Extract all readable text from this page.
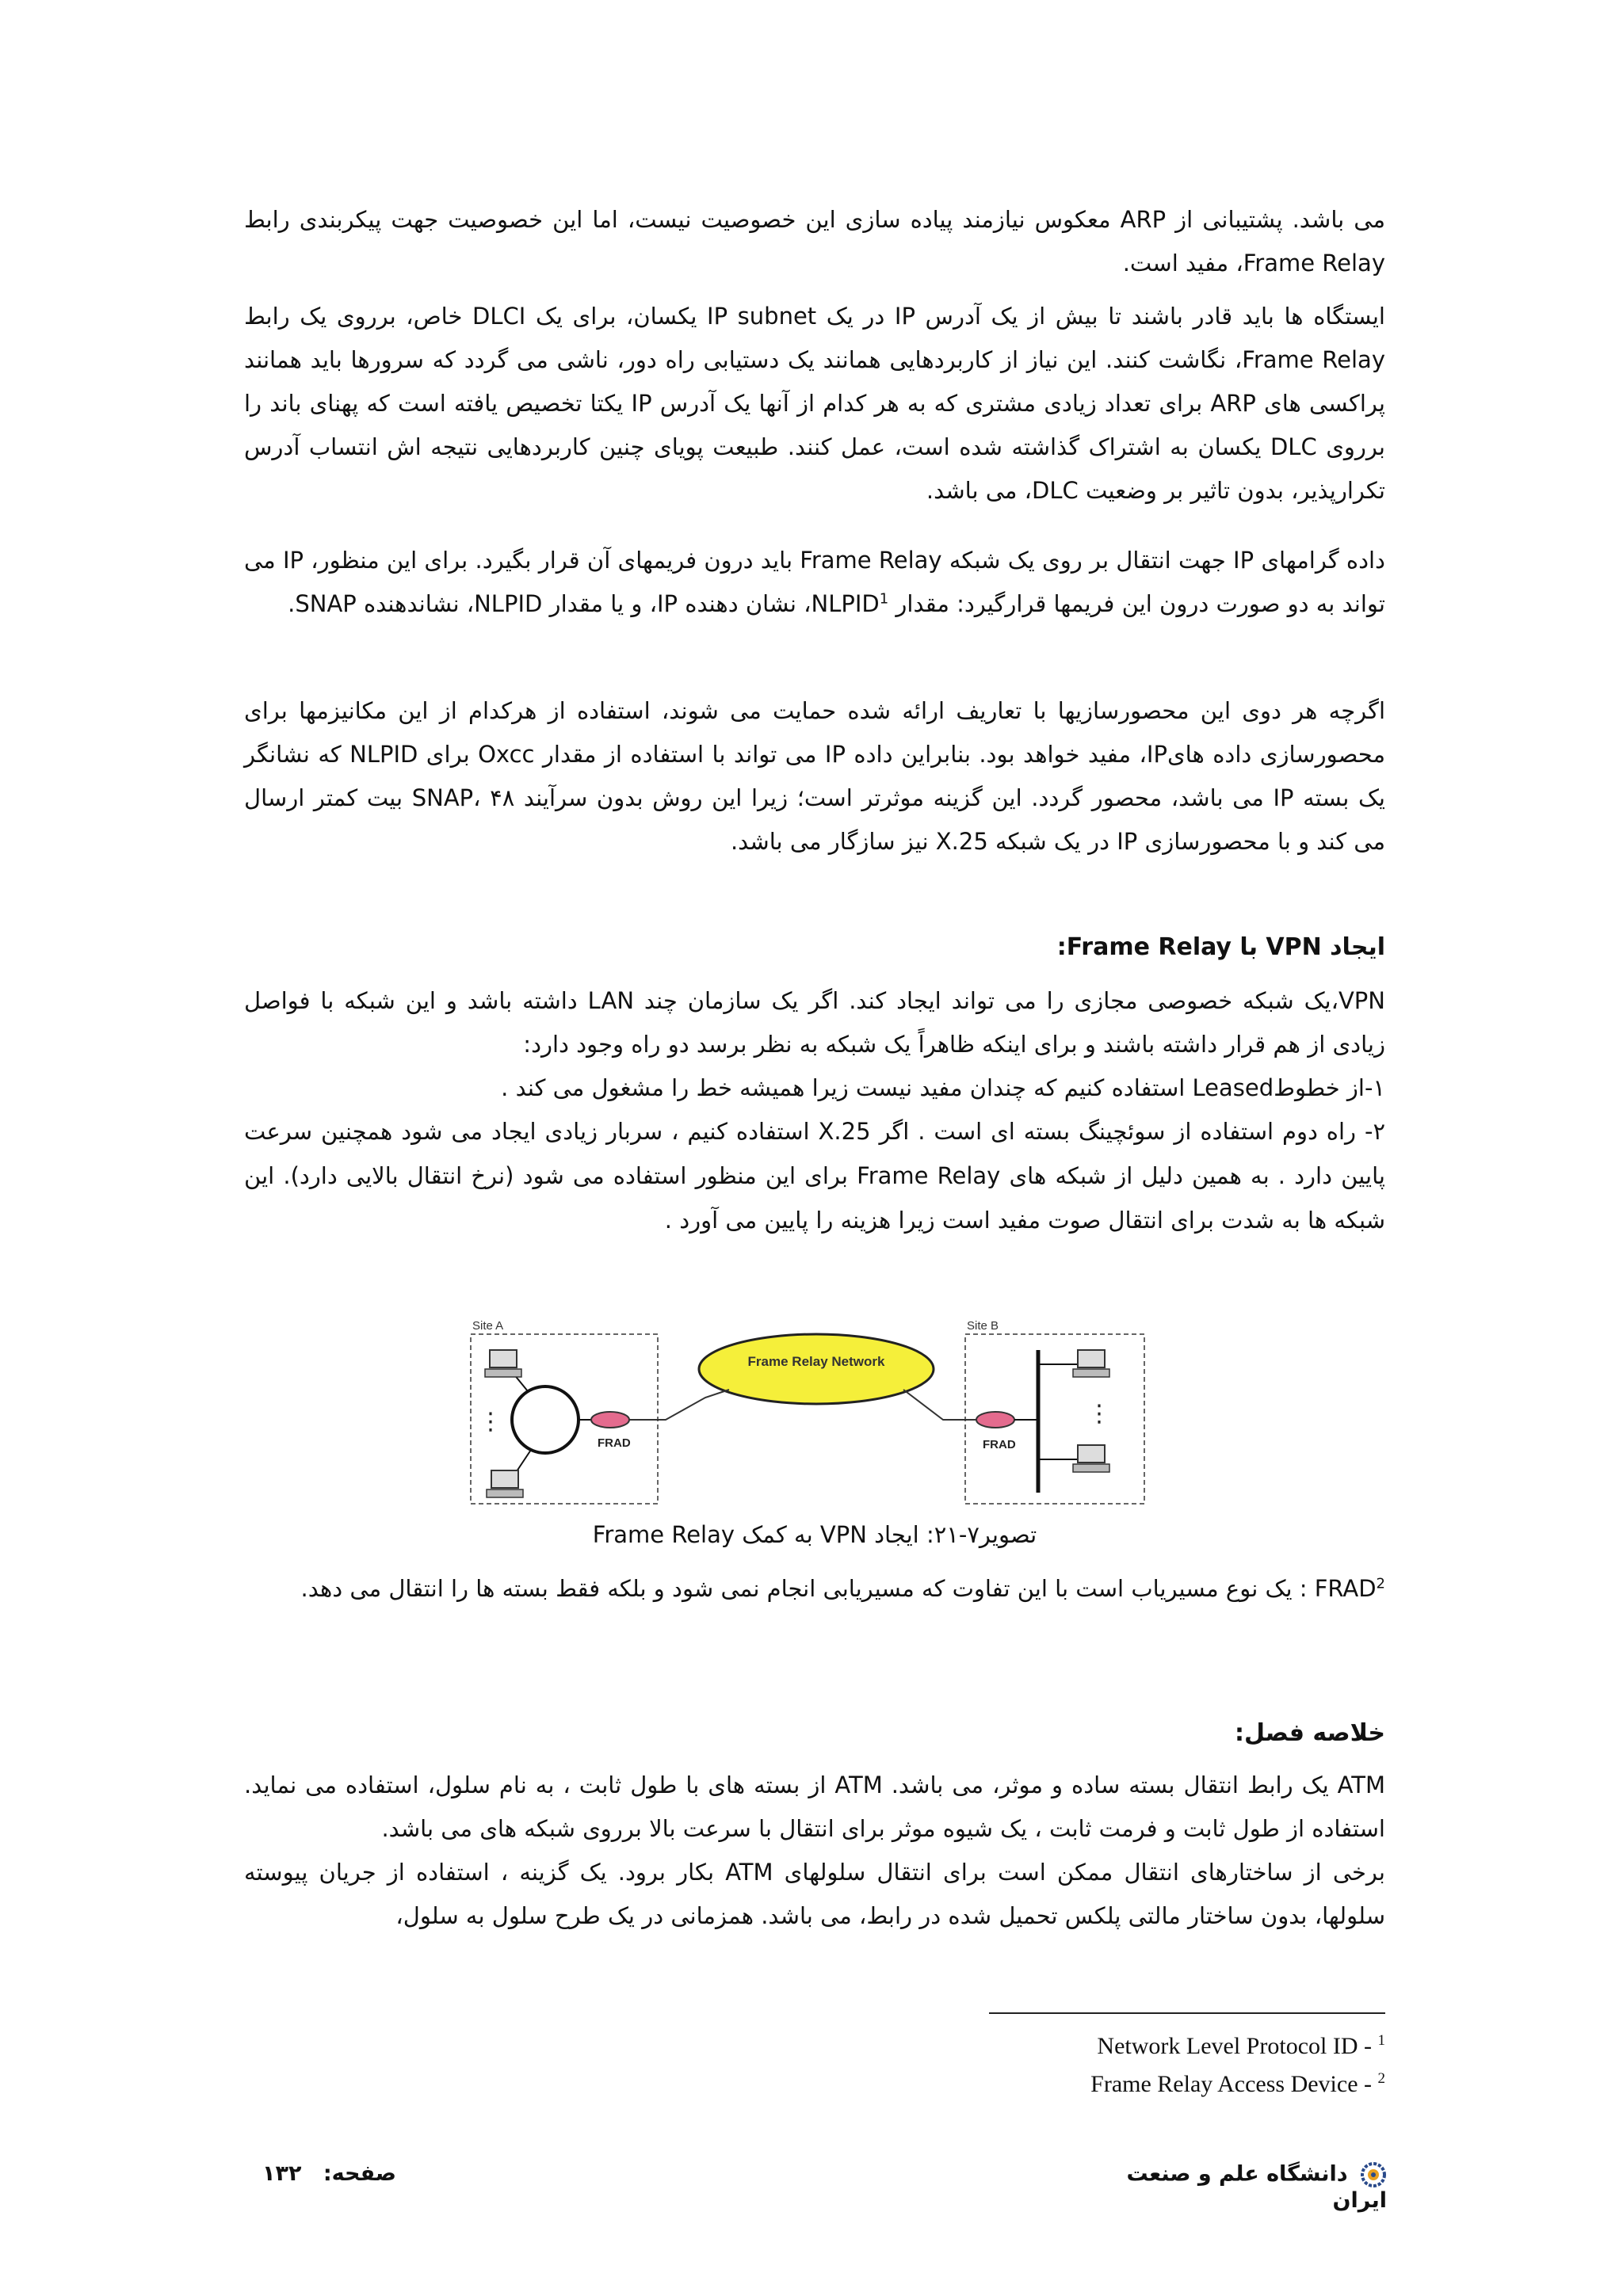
می باشد. پشتیبانی از ARP معکوس نیازمند پیاده سازی این خصوصیت نیست، اما این خصوصیت جهت پیکربندی رابط Frame Relay، مفید است.

ایستگاه ها باید قادر باشند تا بیش از یک آدرس IP در یک IP subnet یکسان، برای یک DLCI خاص، برروی یک رابط Frame Relay، نگاشت کنند. این نیاز از کاربردهایی همانند یک دستیابی راه دور، ناشی می گردد که سرورها باید همانند پراکسی های ARP برای تعداد زیادی مشتری که به هر کدام از آنها یک آدرس IP یکتا تخصیص یافته است که پهنای باند را برروی DLC یکسان به اشتراک گذاشته شده است، عمل کنند. طبیعت پویای چنین کاربردهایی نتیجه اش انتساب آدرس تکرارپذیر، بدون تاثیر بر وضعیت DLC، می باشد.

داده گرامهای IP جهت انتقال بر روی یک شبکه Frame Relay باید درون فریمهای آن قرار بگیرد. برای این منظور، IP می تواند به دو صورت درون این فریمها قرارگیرد: مقدار NLPID$^1$، نشان دهنده IP، و یا مقدار NLPID، نشاندهنده SNAP.

اگرچه هر دوی این محصورسازیها با تعاریف ارائه شده حمایت می شوند، استفاده از هرکدام از این مکانیزمها برای محصورسازی داده هایIP، مفید خواهد بود. بنابراین داده IP می تواند با استفاده از مقدار Oxcc برای NLPID که نشانگر یک بسته IP می باشد، محصور گردد. این گزینه موثرتر است؛ زیرا این روش بدون سرآیند SNAP، ۴۸ بیت کمتر ارسال می کند و با محصورسازی IP در یک شبکه X.25 نیز سازگار می باشد.

ایجاد VPN با Frame Relay:

VPN،یک شبکه خصوصی مجازی را می تواند ایجاد کند. اگر یک سازمان چند LAN داشته باشد و این شبکه با فواصل زیادی از هم قرار داشته باشند و برای اینکه ظاهراً یک شبکه به نظر برسد دو راه وجود دارد:

۱-از خطوطLeased استفاده کنیم که چندان مفید نیست زیرا همیشه خط را مشغول می کند .

۲- راه دوم استفاده از سوئچینگ بسته ای است . اگر X.25 استفاده کنیم ، سربار زیادی ایجاد می شود همچنین سرعت پایین دارد . به همین دلیل از شبکه های Frame Relay برای این منظور استفاده می شود (نرخ انتقال بالایی دارد). این شبکه ها به شدت برای انتقال صوت مفید است زیرا هزینه را پایین می آورد .

Site A	Site B
Frame Relay Network
⋮
FRAD	FRAD
⋮

تصویر۷-۲۱: ایجاد VPN به کمک Frame Relay

FRAD$^2$ : یک نوع مسیریاب است با این تفاوت که مسیریابی انجام نمی شود و بلکه فقط بسته ها را انتقال می دهد.

خلاصه فصل:

ATM یک رابط انتقال بسته ساده و موثر، می باشد. ATM از بسته های با طول ثابت ، به نام سلول، استفاده می نماید. استفاده از طول ثابت و فرمت ثابت ، یک شیوه موثر برای انتقال با سرعت بالا برروی شبکه های می باشد.

برخی از ساختارهای انتقال ممکن است برای انتقال سلولهای ATM بکار برود. یک گزینه ، استفاده از جریان پیوسته سلولها، بدون ساختار مالتی پلکس تحمیل شده در رابط، می باشد. همزمانی در یک طرح سلول به سلول،

Network Level Protocol ID - $^1$
Frame Relay Access Device - $^2$
دانشگاه علم و صنعت ایران
صفحه: ۱۳۲
